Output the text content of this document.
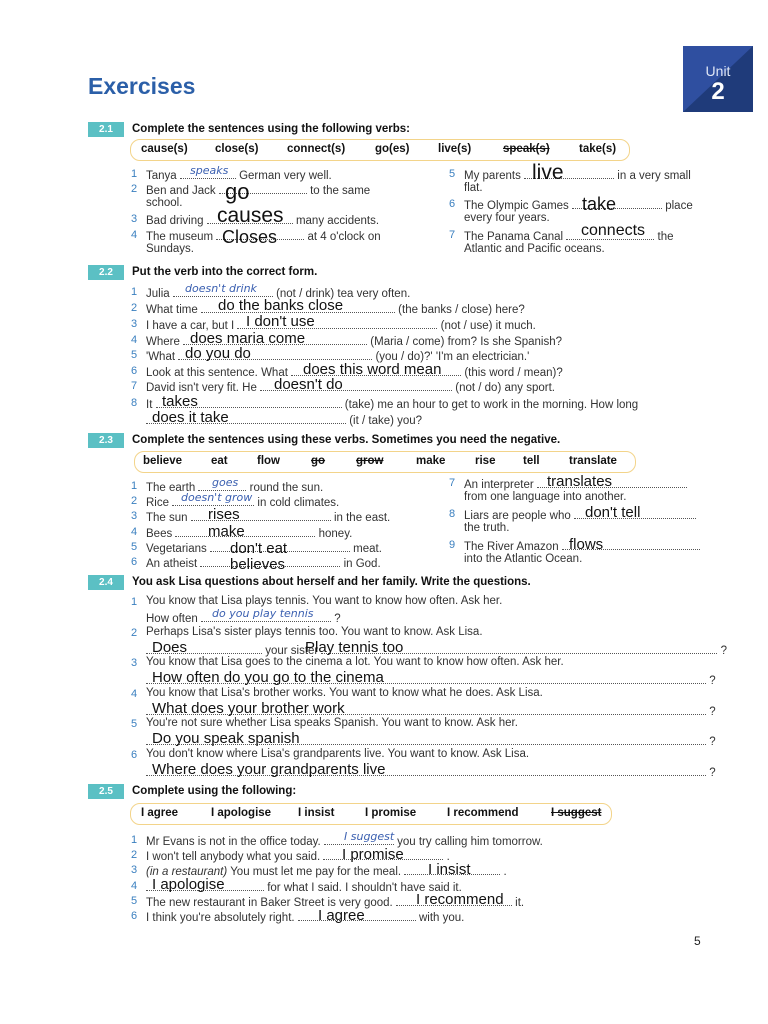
Exercises
Unit
2
2.1	Complete the sentences using the following verbs:
cause(s) close(s) connect(s)	go(es) live(s)	speak(s)	take(s)
1 Tanya	German very well.
speaks
2 Ben and Jack	to the same
school. go
3 Bad driving	many accidents.
causes
4 The museum	at 4 o'clock on
Sundays.
Closes
5 My parents	in a very small
flat.
live
6 The Olympic Games	place
every four years.
take
7 The Panama Canal	the
Atlantic and Pacific oceans.
connects
2.2	Put the verb into the correct form.
1 Julia	(not / drink) tea very often.
doesn't drink
2 What time	(the banks / close) here?
do the banks close
3 I have a car, but I	(not / use) it much.
I don't use
4 Where	(Maria / come) from? Is she Spanish?
does maria come
5 'What	(you / do)?' 'I'm an electrician.'
do you do
6 Look at this sentence. What	(this word / mean)?
does this word mean
7 David isn't very fit. He	(not / do) any sport.
doesn't do
8 It	(take) me an hour to get to work in the morning. How long
takes
(it / take) you?
does it take
2.3	Complete the sentences using these verbs. Sometimes you need the negative.
believe	eat	flow	go	grow	make	rise tell	translate
1 The earth	round the sun.
goes
2 Rice	in cold climates.
doesn't grow
3 The sun	in the east.
rises
4 Bees	honey.
make
5 Vegetarians	meat.
don't eat
6 An atheist	in God.
believes
7 An interpreter
from one language into another.
translates
8 Liars are people who
the truth.
don't tell
9 The River Amazon
into the Atlantic Ocean.
flows
2.4	You ask Lisa questions about herself and her family. Write the questions.
1 You know that Lisa plays tennis. You want to know how often. Ask her.
How often	?
do you play tennis
2 Perhaps Lisa's sister plays tennis too. You want to know. Ask Lisa.
your sister	?
Does	Play tennis too
3 You know that Lisa goes to the cinema a lot. You want to know how often. Ask her.
?
How often do you go to the cinema
4 You know that Lisa's brother works. You want to know what he does. Ask Lisa.
?
What does your brother work
5 You're not sure whether Lisa speaks Spanish. You want to know. Ask her.
?
Do you speak spanish
6 You don't know where Lisa's grandparents live. You want to know. Ask Lisa.
?
Where does your grandparents live
2.5	Complete using the following:
I agree	I apologise I insist	I promise	I recommend	I suggest
1 Mr Evans is not in the office today.	you try calling him tomorrow.
I suggest
2 I won't tell anybody what you said.	.
I promise
3 (in a restaurant) You must let me pay for the meal.	.
I insist
4	for what I said. I shouldn't have said it.
I apologise
5 The new restaurant in Baker Street is very good.	it.
I recommend
6 I think you're absolutely right.	with you.
I agree
5
